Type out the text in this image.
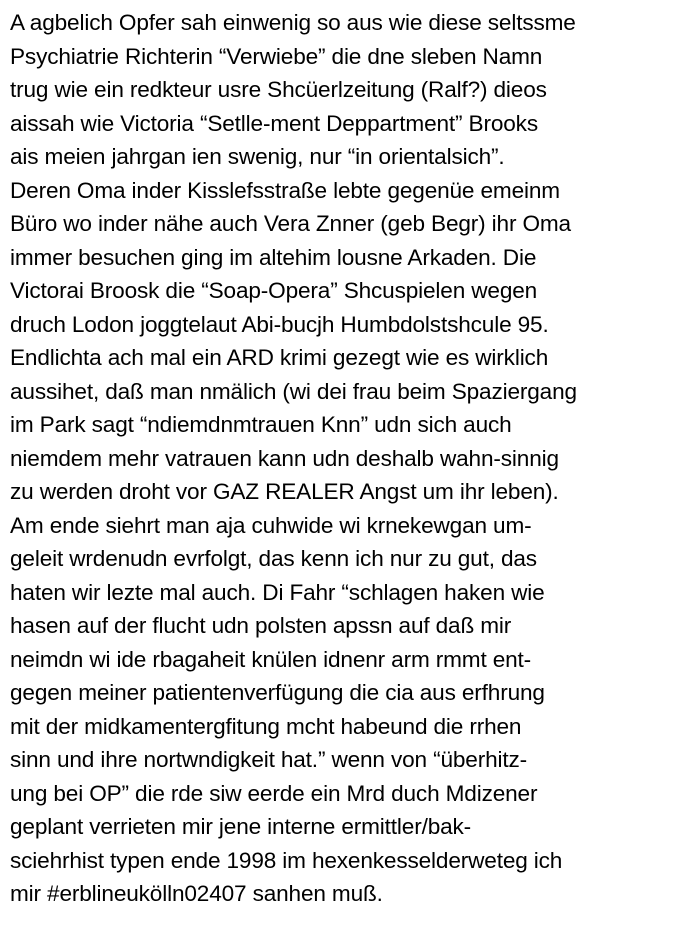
A agbelich Opfer sah einwenig so aus wie diese seltssme
Psychiatrie Richterin “Verwiebe” die dne sleben Namn
trug wie ein redkteur usre Shcüerlzeitung (Ralf?) dieos
aissah wie Victoria “Setlle-ment Deppartment” Brooks
ais meien jahrgan ien swenig, nur “in orientalsich”.
Deren Oma inder Kisslefsstraße lebte gegenüe emeinm
Büro wo inder nähe auch Vera Znner (geb Begr) ihr Oma
immer besuchen ging im altehim lousne Arkaden. Die
Victorai Broosk die “Soap-Opera” Shcuspielen wegen
druch Lodon joggtelaut Abi-bucjh Humbdolstshcule 95.
Endlichta ach mal ein ARD krimi gezegt wie es wirklich
aussihet, daß man nmälich (wi dei frau beim Spaziergang
im Park sagt “ndiemdnmtrauen Knn” udn sich auch
niemdem mehr vatrauen kann udn deshalb wahn-sinnig
zu werden droht vor GAZ REALER Angst um ihr leben).
Am ende siehrt man aja cuhwide wi krnekewgan um-
geleit wrdenudn evrfolgt, das kenn ich nur zu gut, das
haten wir lezte mal auch. Di Fahr “schlagen haken wie
hasen auf der flucht udn polsten apssn auf daß mir
neimdn wi ide rbagaheit knülen idnenr arm rmmt ent-
gegen meiner patientenverfügung die cia aus erfhrung
mit der midkamentergfitung mcht habeund die rrhen
sinn und ihre nortwndigkeit hat.” wenn von “überhitz-
ung bei OP” die rde siw eerde ein Mrd duch Mdizener
geplant verrieten mir jene interne ermittler/bak-
sciehrhist typen ende 1998 im hexenkesselderweteg ich
mir #erblineukölln02407 sanhen muß.
